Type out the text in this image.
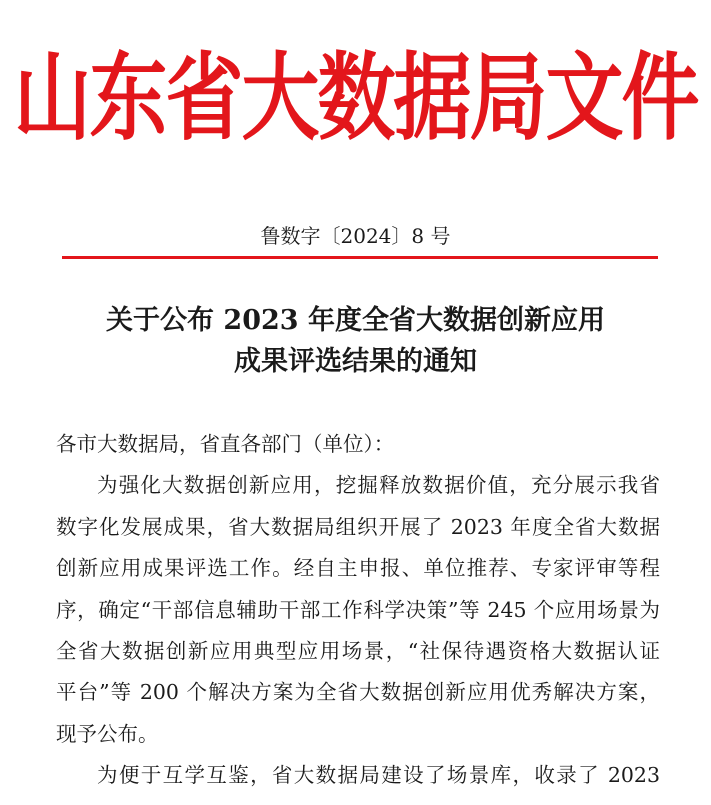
山东省大数据局文件
鲁数字〔2024〕8 号
关于公布 2023 年度全省大数据创新应用
成果评选结果的通知
各市大数据局，省直各部门（单位）：
为强化大数据创新应用，挖掘释放数据价值，充分展示我省
数字化发展成果，省大数据局组织开展了 2023 年度全省大数据
创新应用成果评选工作。经自主申报、单位推荐、专家评审等程
序，确定“干部信息辅助干部工作科学决策”等 245 个应用场景为
全省大数据创新应用典型应用场景，“社保待遇资格大数据认证
平台”等 200 个解决方案为全省大数据创新应用优秀解决方案，
现予公布。
为便于互学互鉴，省大数据局建设了场景库，收录了 2023
